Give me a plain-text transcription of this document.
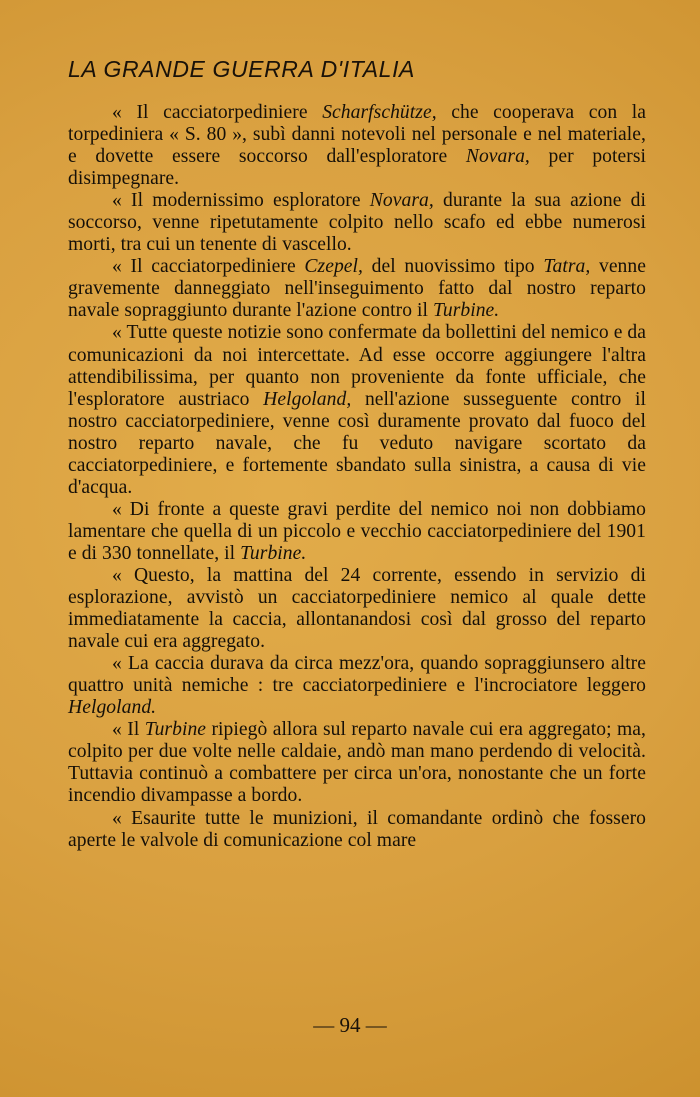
LA GRANDE GUERRA D'ITALIA

« Il cacciatorpediniere Scharfschütze, che cooperava con la torpediniera « S. 80 », subì danni notevoli nel personale e nel materiale, e dovette essere soccorso dall'esploratore Novara, per potersi disimpegnare.

« Il modernissimo esploratore Novara, durante la sua azione di soccorso, venne ripetutamente colpito nello scafo ed ebbe numerosi morti, tra cui un tenente di vascello.

« Il cacciatorpediniere Czepel, del nuovissimo tipo Tatra, venne gravemente danneggiato nell'inseguimento fatto dal nostro reparto navale sopraggiunto durante l'azione contro il Turbine.

« Tutte queste notizie sono confermate da bollettini del nemico e da comunicazioni da noi intercettate. Ad esse occorre aggiungere l'altra attendibilissima, per quanto non proveniente da fonte ufficiale, che l'esploratore austriaco Helgoland, nell'azione susseguente contro il nostro cacciatorpediniere, venne così duramente provato dal fuoco del nostro reparto navale, che fu veduto navigare scortato da cacciatorpediniere, e fortemente sbandato sulla sinistra, a causa di vie d'acqua.

« Di fronte a queste gravi perdite del nemico noi non dobbiamo lamentare che quella di un piccolo e vecchio cacciatorpediniere del 1901 e di 330 tonnellate, il Turbine.

« Questo, la mattina del 24 corrente, essendo in servizio di esplorazione, avvistò un cacciatorpediniere nemico al quale dette immediatamente la caccia, allontanandosi così dal grosso del reparto navale cui era aggregato.

« La caccia durava da circa mezz'ora, quando sopraggiunsero altre quattro unità nemiche : tre cacciatorpediniere e l'incrociatore leggero Helgoland.

« Il Turbine ripiegò allora sul reparto navale cui era aggregato; ma, colpito per due volte nelle caldaie, andò man mano perdendo di velocità. Tuttavia continuò a combattere per circa un'ora, nonostante che un forte incendio divampasse a bordo.

« Esaurite tutte le munizioni, il comandante ordinò che fossero aperte le valvole di comunicazione col mare

— 94 —
